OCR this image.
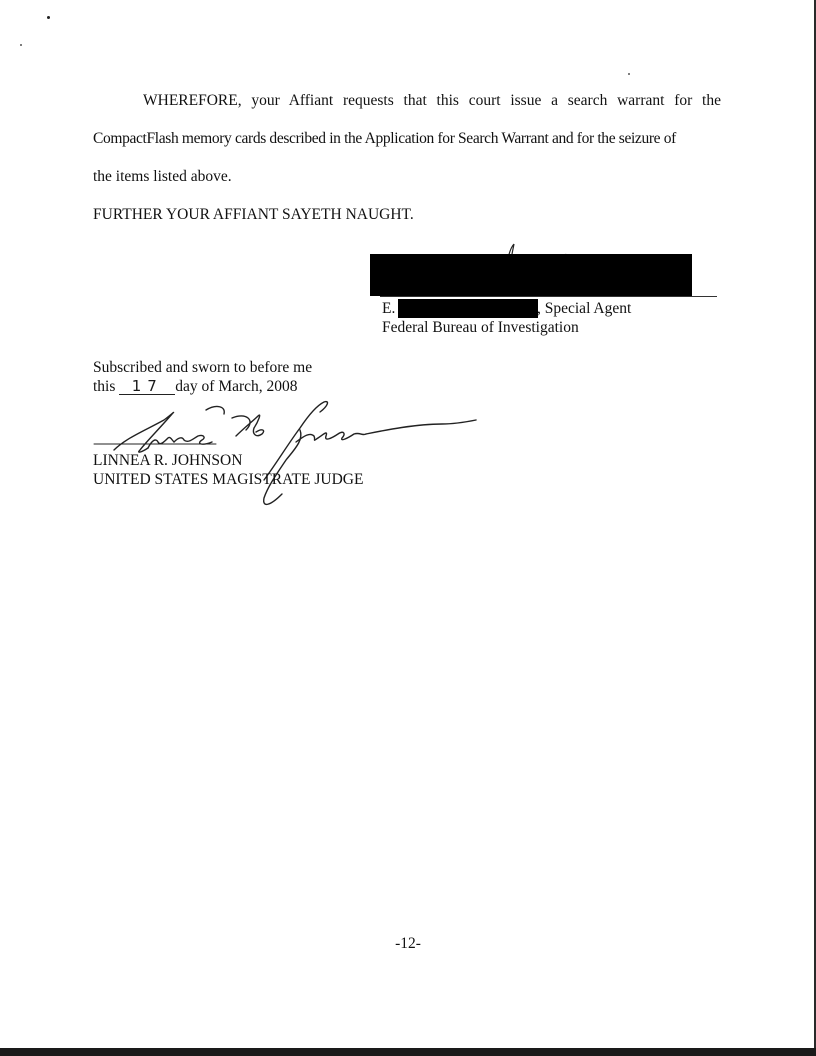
WHEREFORE, your Affiant requests that this court issue a search warrant for the
CompactFlash memory cards described in the Application for Search Warrant and for the seizure of
the items listed above.
FURTHER YOUR AFFIANT SAYETH NAUGHT.
E.	, Special Agent
Federal Bureau of Investigation
Subscribed and sworn to before me
this 17 day of March, 2008
LINNEA R. JOHNSON
UNITED STATES MAGISTRATE JUDGE
-12-
